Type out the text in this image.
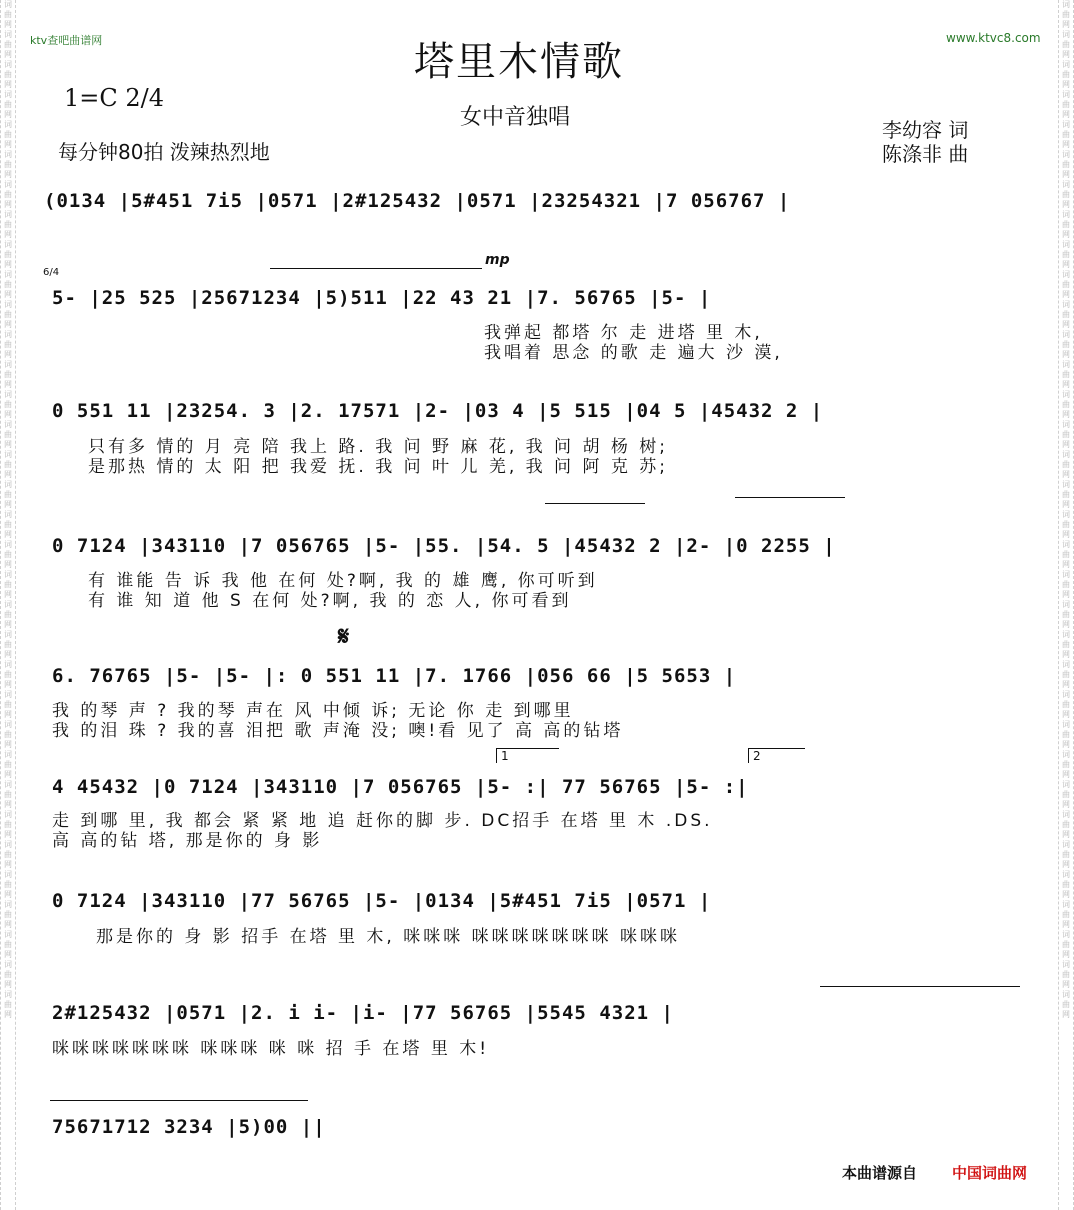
词曲网词曲网词曲网词曲网词曲网词曲网词曲网词曲网词曲网词曲网词曲网词曲网词曲网词曲网词曲网词曲网词曲网词曲网词曲网词曲网词曲网词曲网词曲网词曲网词曲网词曲网词曲网词曲网词曲网词曲网词曲网词曲网词曲网词曲网
词曲网词曲网词曲网词曲网词曲网词曲网词曲网词曲网词曲网词曲网词曲网词曲网词曲网词曲网词曲网词曲网词曲网词曲网词曲网词曲网词曲网词曲网词曲网词曲网词曲网词曲网词曲网词曲网词曲网词曲网词曲网词曲网词曲网词曲网
ktv查吧曲谱网	www.ktvc8.com
塔里木情歌
1=C 2/4
女中音独唱
每分钟80拍 泼辣热烈地
李幼容 词
陈涤非 曲
(0134 |5#451 7i5 |0571 |2#125432 |0571 |23254321 |7 056767 |
6/4
5- |25 525 |25671234 |5)511 |22 43 21 |7. 56765 |5- |
mp
我弹起 都塔 尔 走 进塔 里 木,
我唱着 思念 的歌 走 遍大 沙 漠,
0 551 11 |23254. 3 |2. 17571 |2- |03 4 |5 515 |04 5 |45432 2 |
只有多 情的 月 亮 陪 我上 路. 我 问 野 麻 花, 我 问 胡 杨 树;
是那热 情的 太 阳 把 我爱 抚. 我 问 叶 儿 羌, 我 问 阿 克 苏;
0 7124 |343110 |7 056765 |5- |55. |54. 5 |45432 2 |2- |0 2255 |
有 谁能 告 诉 我 他 在何 处?啊, 我 的 雄 鹰, 你可听到
有 谁 知 道 他 S 在何 处?啊, 我 的 恋 人, 你可看到
𝄋
6. 76765 |5- |5- |: 0 551 11 |7. 1766 |056 66 |5 5653 |
我 的琴 声 ? 我的琴 声在 风 中倾 诉; 无论 你 走 到哪里
我 的泪 珠 ? 我的喜 泪把 歌 声淹 没; 噢!看 见了 高 高的钻塔
1	2
4 45432 |0 7124 |343110 |7 056765 |5- :| 77 56765 |5- :|
走 到哪 里, 我 都会 紧 紧 地 追 赶你的脚 步. DC招手 在塔 里 木 .DS.
高 高的钻 塔, 那是你的 身 影
0 7124 |343110 |77 56765 |5- |0134 |5#451 7i5 |0571 |
那是你的 身 影 招手 在塔 里 木, 咪咪咪 咪咪咪咪咪咪咪 咪咪咪
2#125432 |0571 |2. i i- |i- |77 56765 |5545 4321 |
咪咪咪咪咪咪咪 咪咪咪 咪 咪 招 手 在塔 里 木!
75671712 3234 |5)00 ||
本曲谱源自 中国词曲网
